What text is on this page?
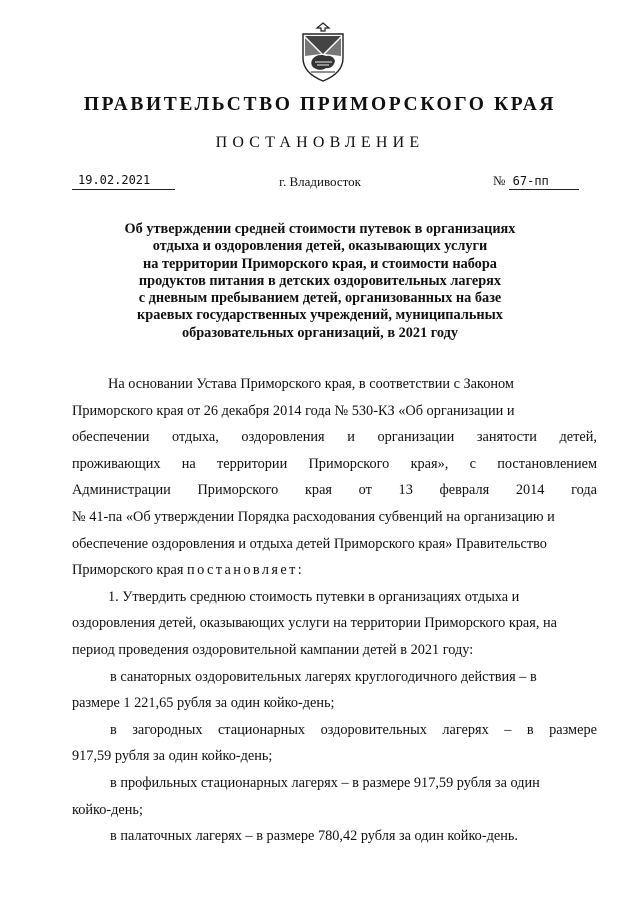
ПРАВИТЕЛЬСТВО ПРИМОРСКОГО КРАЯ
ПОСТАНОВЛЕНИЕ
19.02.2021	г. Владивосток	№ 67-пп
Об утверждении средней стоимости путевок в организациях
отдыха и оздоровления детей, оказывающих услуги
на территории Приморского края, и стоимости набора
продуктов питания в детских оздоровительных лагерях
с дневным пребыванием детей, организованных на базе
краевых государственных учреждений, муниципальных
образовательных организаций, в 2021 году
На основании Устава Приморского края, в соответствии с Законом
Приморского края от 26 декабря 2014 года № 530-КЗ «Об организации и
обеспечении отдыха, оздоровления и организации занятости детей,
проживающих на территории Приморского края», с постановлением
Администрации Приморского края от 13 февраля 2014 года
№ 41-па «Об утверждении Порядка расходования субвенций на организацию и
обеспечение оздоровления и отдыха детей Приморского края» Правительство
Приморского края постановляет:
1. Утвердить среднюю стоимость путевки в организациях отдыха и
оздоровления детей, оказывающих услуги на территории Приморского края, на
период проведения оздоровительной кампании детей в 2021 году:
в санаторных оздоровительных лагерях круглогодичного действия – в
размере 1 221,65 рубля за один койко-день;
в загородных стационарных оздоровительных лагерях – в размере
917,59 рубля за один койко-день;
в профильных стационарных лагерях – в размере 917,59 рубля за один
койко-день;
в палаточных лагерях – в размере 780,42 рубля за один койко-день.
